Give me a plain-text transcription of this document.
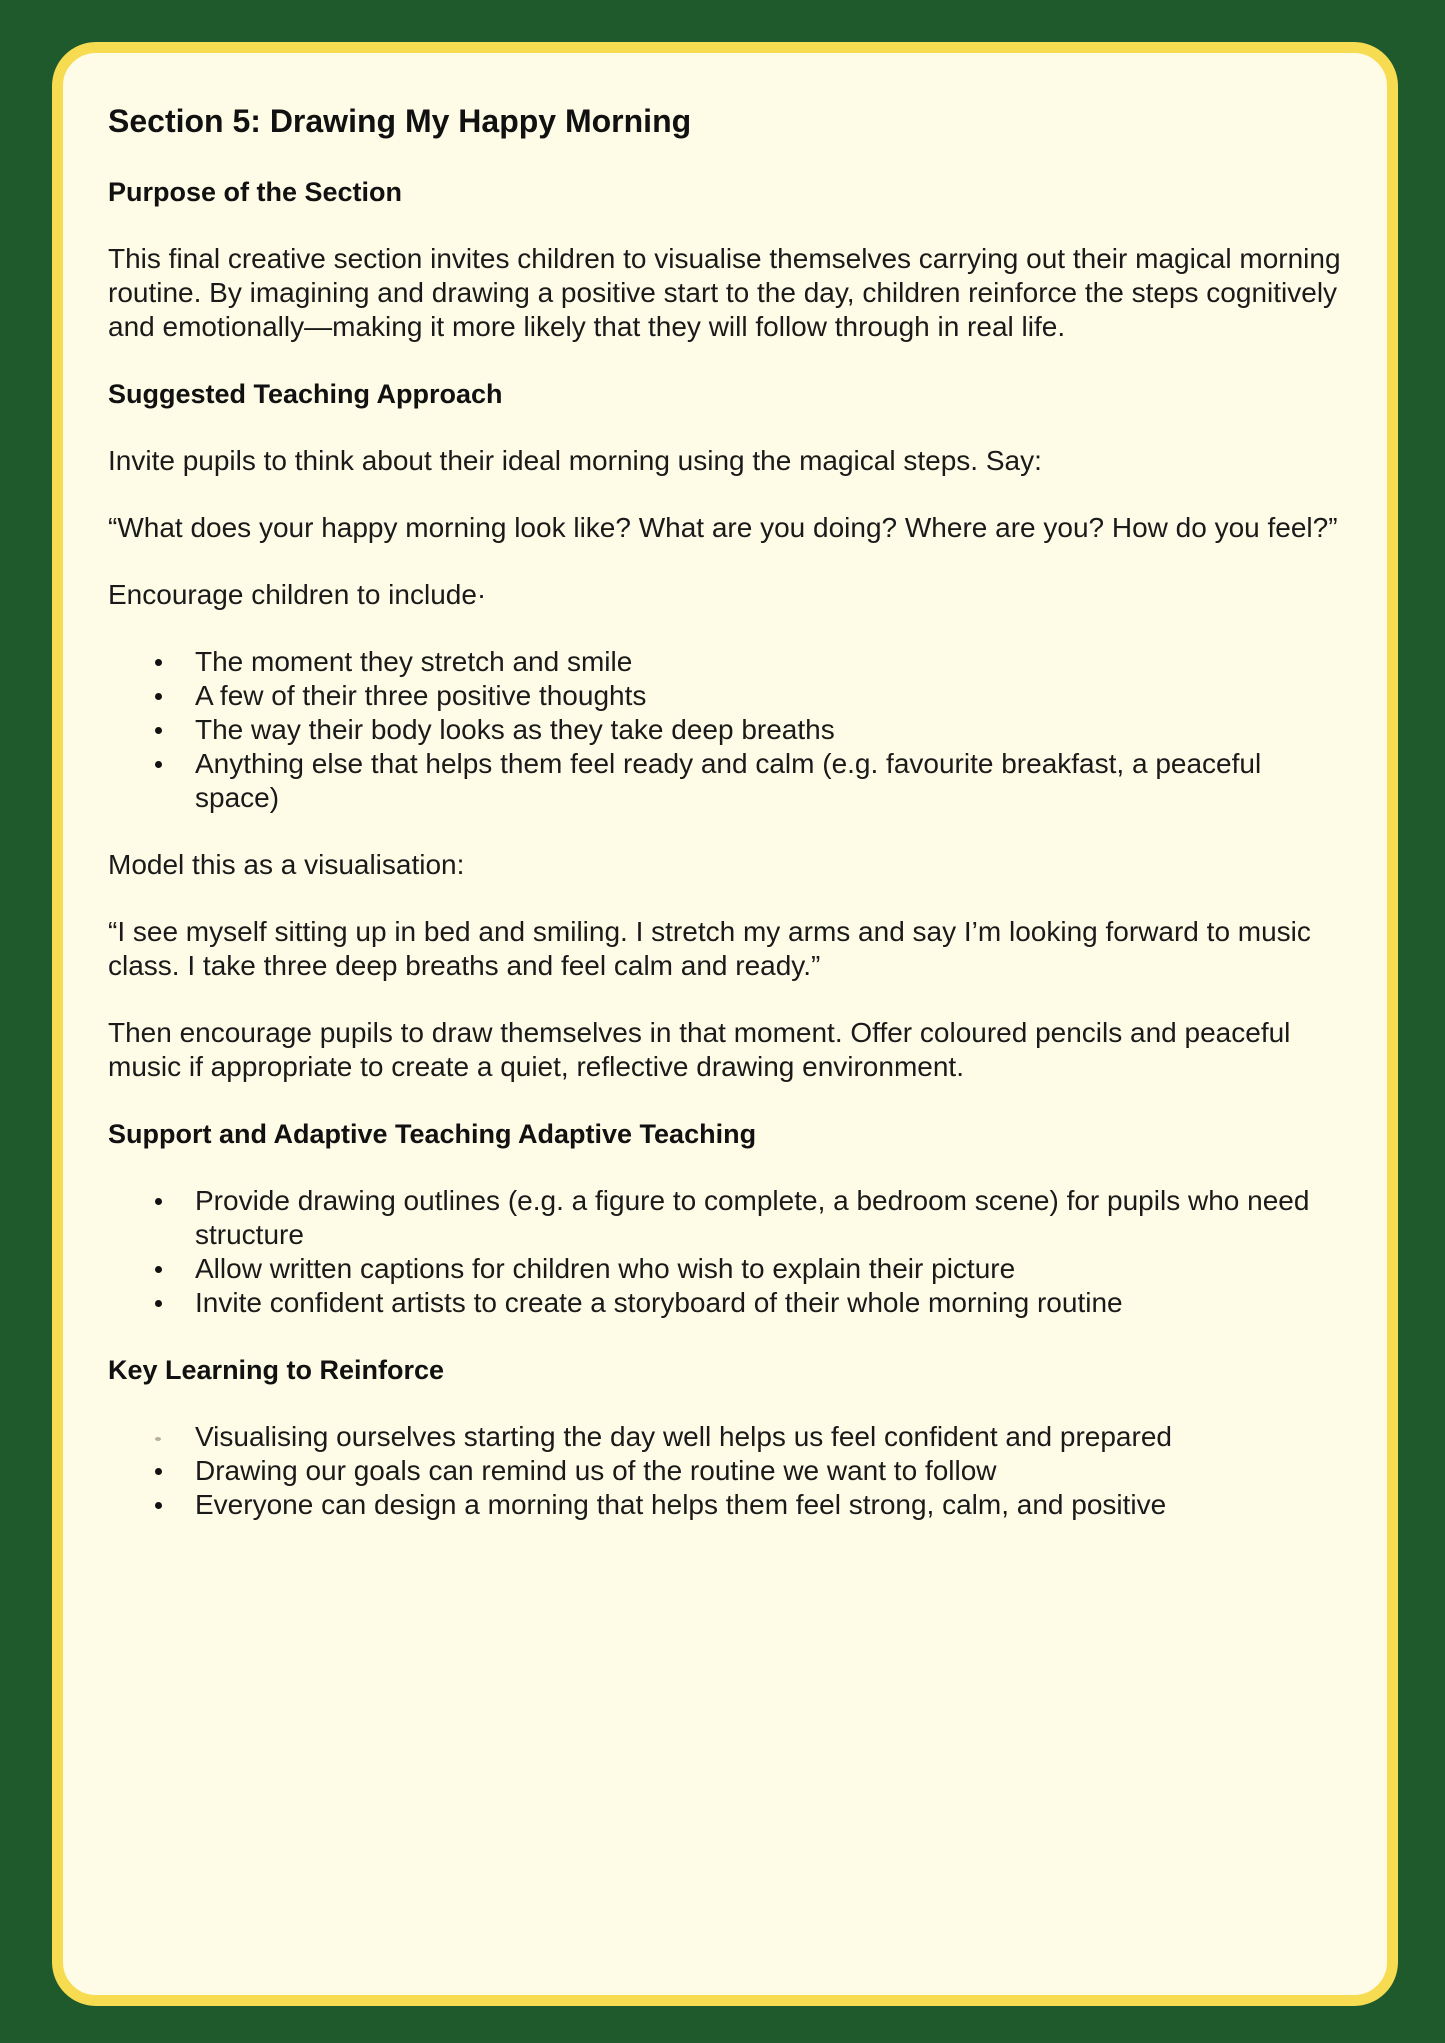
Section 5: Drawing My Happy Morning
Purpose of the Section

This final creative section invites children to visualise themselves carrying out their magical morning routine. By imagining and drawing a positive start to the day, children reinforce the steps cognitively and emotionally—making it more likely that they will follow through in real life.

Suggested Teaching Approach

Invite pupils to think about their ideal morning using the magical steps. Say:

“What does your happy morning look like? What are you doing? Where are you? How do you feel?”

Encourage children to include·

The moment they stretch and smile
A few of their three positive thoughts
The way their body looks as they take deep breaths
Anything else that helps them feel ready and calm (e.g. favourite breakfast, a peaceful space)

Model this as a visualisation:

“I see myself sitting up in bed and smiling. I stretch my arms and say I’m looking forward to music class. I take three deep breaths and feel calm and ready.”

Then encourage pupils to draw themselves in that moment. Offer coloured pencils and peaceful music if appropriate to create a quiet, reflective drawing environment.

Support and Adaptive Teaching Adaptive Teaching
Provide drawing outlines (e.g. a figure to complete, a bedroom scene) for pupils who need structure
Allow written captions for children who wish to explain their picture
Invite confident artists to create a storyboard of their whole morning routine
Key Learning to Reinforce
Visualising ourselves starting the day well helps us feel confident and prepared
Drawing our goals can remind us of the routine we want to follow
Everyone can design a morning that helps them feel strong, calm, and positive
